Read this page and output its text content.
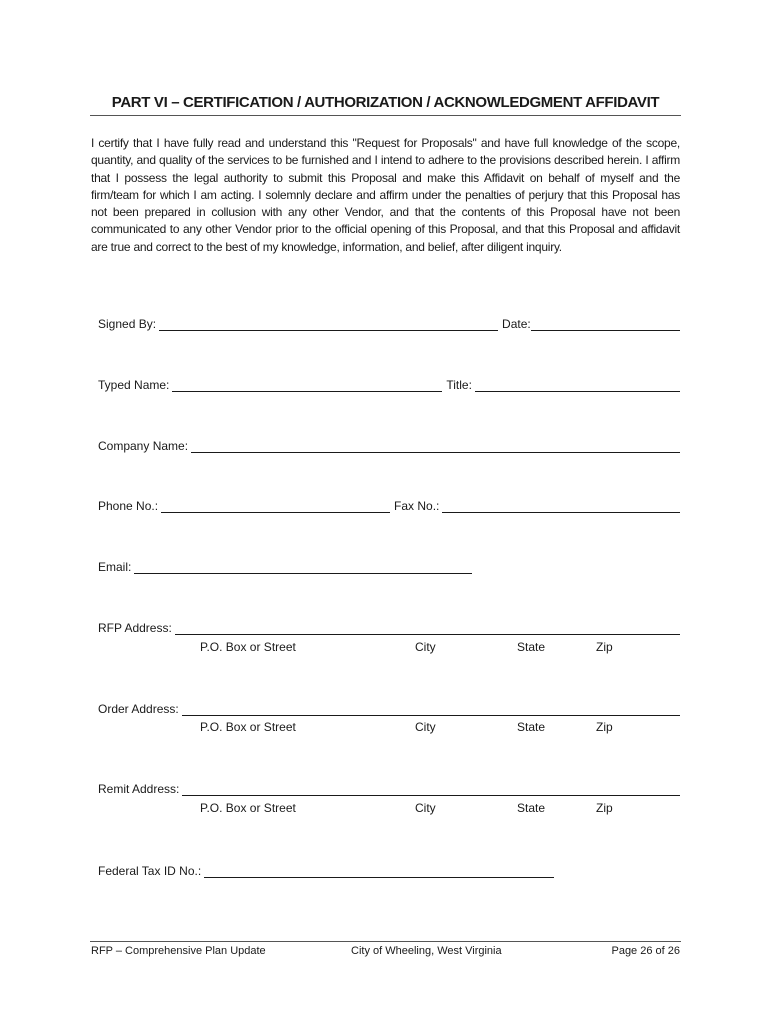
PART VI – CERTIFICATION / AUTHORIZATION / ACKNOWLEDGMENT AFFIDAVIT
I certify that I have fully read and understand this "Request for Proposals" and have full knowledge of the scope, quantity, and quality of the services to be furnished and I intend to adhere to the provisions described herein. I affirm that I possess the legal authority to submit this Proposal and make this Affidavit on behalf of myself and the firm/team for which I am acting. I solemnly declare and affirm under the penalties of perjury that this Proposal has not been prepared in collusion with any other Vendor, and that the contents of this Proposal have not been communicated to any other Vendor prior to the official opening of this Proposal, and that this Proposal and affidavit are true and correct to the best of my knowledge, information, and belief, after diligent inquiry.
Signed By:	Date:
Typed Name:	Title:
Company Name:
Phone No.:	Fax No.:
Email:
RFP Address:
P.O. Box or Street	City	State	Zip
Order Address:
P.O. Box or Street	City	State	Zip
Remit Address:
P.O. Box or Street	City	State	Zip
Federal Tax ID No.:
RFP – Comprehensive Plan Update	City of Wheeling, West Virginia	Page 26 of 26
